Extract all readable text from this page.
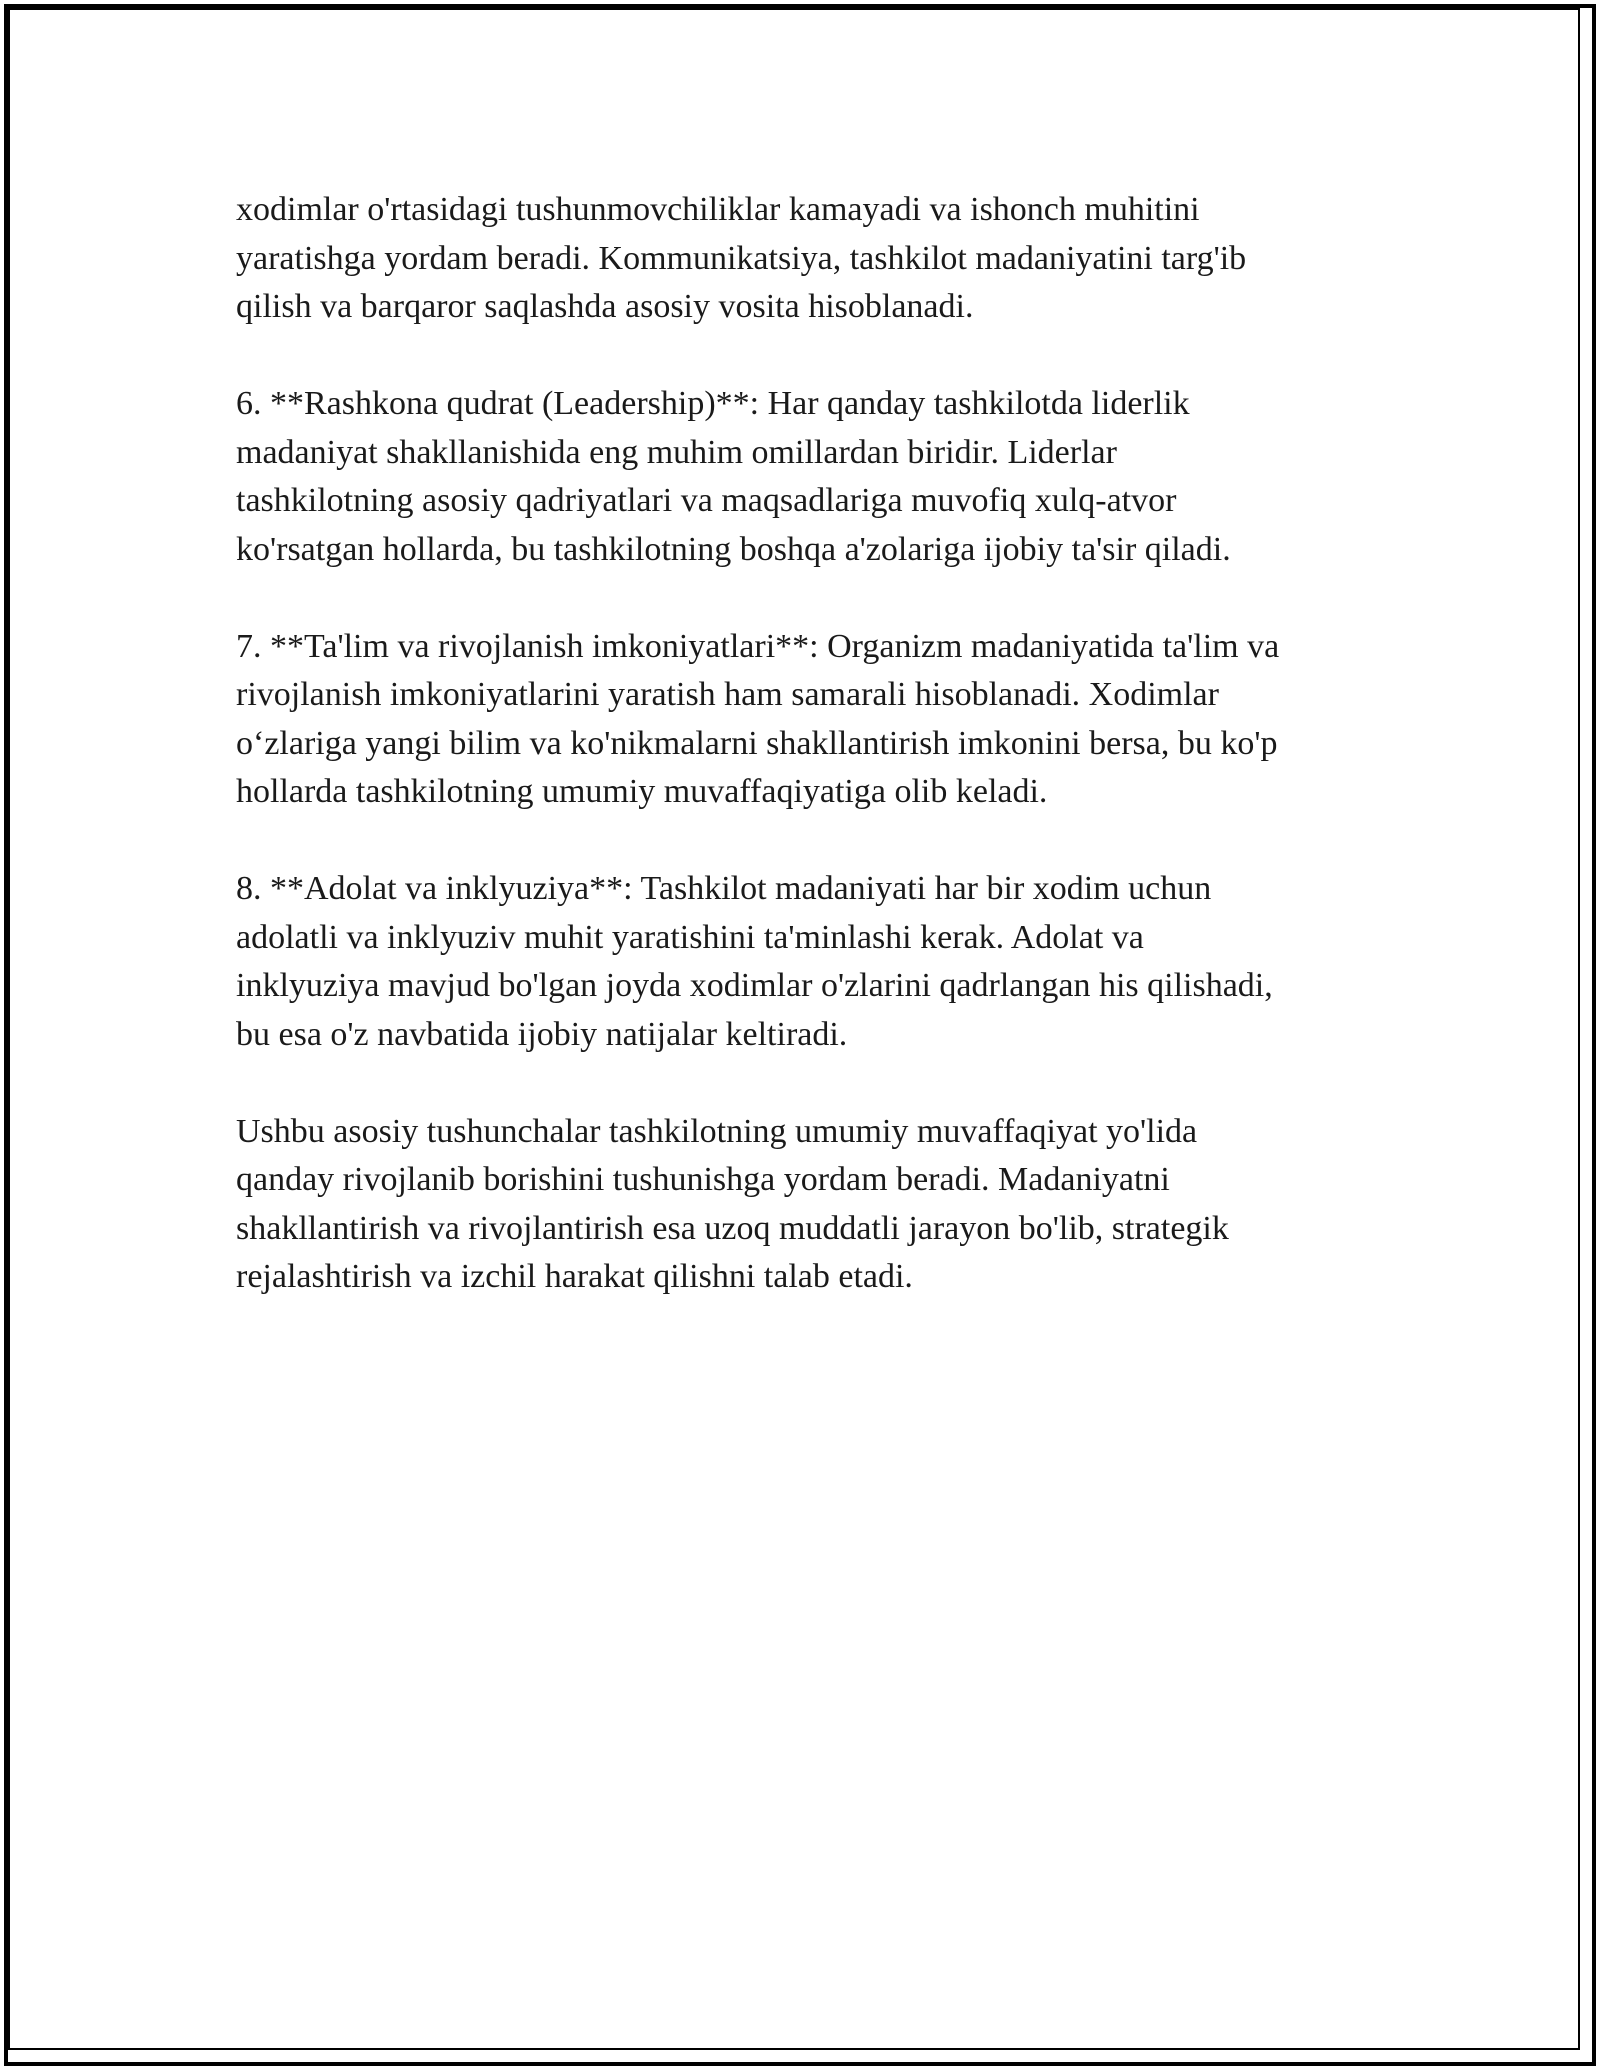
xodimlar o'rtasidagi tushunmovchiliklar kamayadi va ishonch muhitini
yaratishga yordam beradi. Kommunikatsiya, tashkilot madaniyatini targ'ib
qilish va barqaror saqlashda asosiy vosita hisoblanadi.

6. **Rashkona qudrat (Leadership)**: Har qanday tashkilotda liderlik
madaniyat shakllanishida eng muhim omillardan biridir. Liderlar
tashkilotning asosiy qadriyatlari va maqsadlariga muvofiq xulq-atvor
ko'rsatgan hollarda, bu tashkilotning boshqa a'zolariga ijobiy ta'sir qiladi.

7. **Ta'lim va rivojlanish imkoniyatlari**: Organizm madaniyatida ta'lim va
rivojlanish imkoniyatlarini yaratish ham samarali hisoblanadi. Xodimlar
o‘zlariga yangi bilim va ko'nikmalarni shakllantirish imkonini bersa, bu ko'p
hollarda tashkilotning umumiy muvaffaqiyatiga olib keladi.

8. **Adolat va inklyuziya**: Tashkilot madaniyati har bir xodim uchun
adolatli va inklyuziv muhit yaratishini ta'minlashi kerak. Adolat va
inklyuziya mavjud bo'lgan joyda xodimlar o'zlarini qadrlangan his qilishadi,
bu esa o'z navbatida ijobiy natijalar keltiradi.

Ushbu asosiy tushunchalar tashkilotning umumiy muvaffaqiyat yo'lida
qanday rivojlanib borishini tushunishga yordam beradi. Madaniyatni
shakllantirish va rivojlantirish esa uzoq muddatli jarayon bo'lib, strategik
rejalashtirish va izchil harakat qilishni talab etadi.
